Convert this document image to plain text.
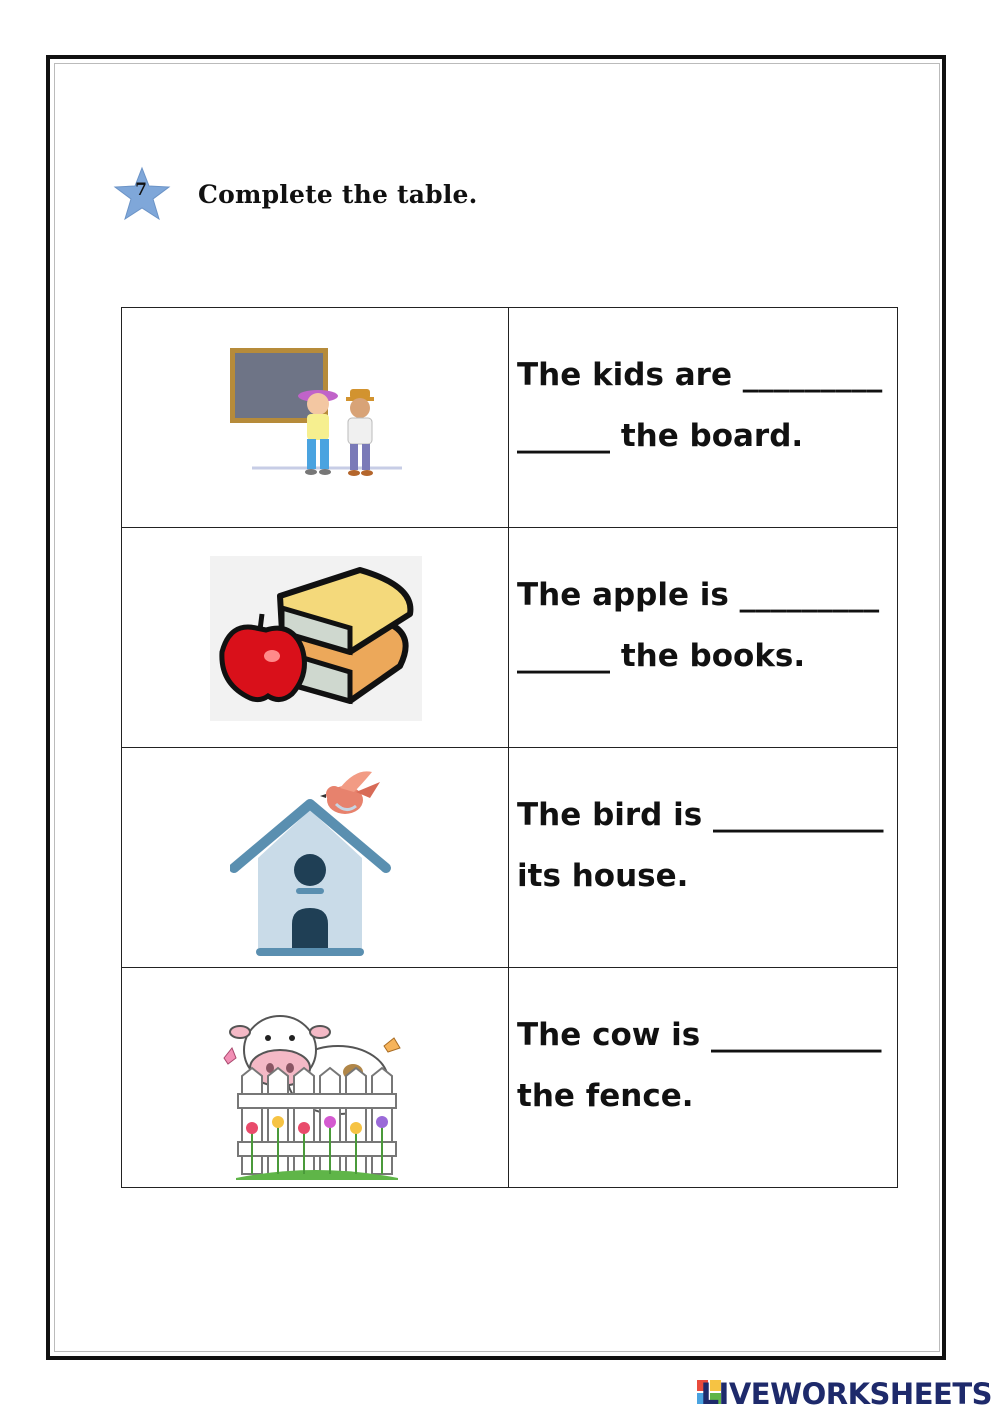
7	Complete the table.

The kids are _________
______ the board.

The apple is _________
______ the books.

The bird is ___________
its house.

The cow is ___________
the fence.
LIVEWORKSHEETS
